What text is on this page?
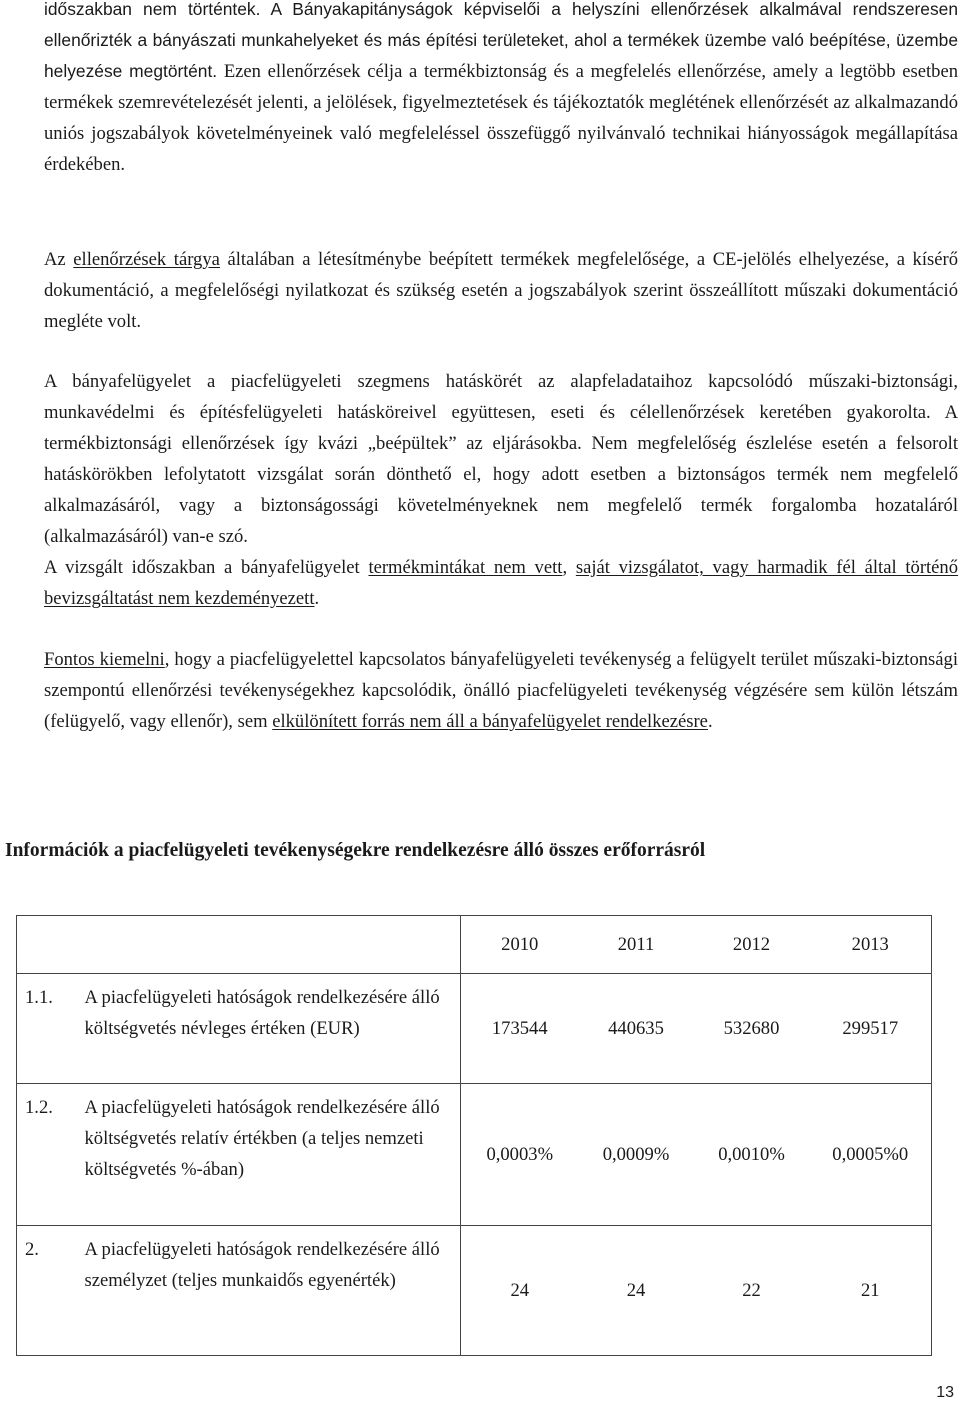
időszakban nem történtek. A Bányakapitányságok képviselői a helyszíni ellenőrzések alkalmával rendszeresen ellenőrizték a bányászati munkahelyeket és más építési területeket, ahol a termékek üzembe való beépítése, üzembe helyezése megtörtént. Ezen ellenőrzések célja a termékbiztonság és a megfelelés ellenőrzése, amely a legtöbb esetben termékek szemrevételezését jelenti, a jelölések, figyelmeztetések és tájékoztatók meglétének ellenőrzését az alkalmazandó uniós jogszabályok követelményeinek való megfeleléssel összefüggő nyilvánvaló technikai hiányosságok megállapítása érdekében.

Az ellenőrzések tárgya általában a létesítménybe beépített termékek megfelelősége, a CE-jelölés elhelyezése, a kísérő dokumentáció, a megfelelőségi nyilatkozat és szükség esetén a jogszabályok szerint összeállított műszaki dokumentáció megléte volt.

A bányafelügyelet a piacfelügyeleti szegmens hatáskörét az alapfeladataihoz kapcsolódó műszaki-biztonsági, munkavédelmi és építésfelügyeleti hatásköreivel együttesen, eseti és célellenőrzések keretében gyakorolta. A termékbiztonsági ellenőrzések így kvázi „beépültek” az eljárásokba. Nem megfelelőség észlelése esetén a felsorolt hatáskörökben lefolytatott vizsgálat során dönthető el, hogy adott esetben a biztonságos termék nem megfelelő alkalmazásáról, vagy a biztonságossági követelményeknek nem megfelelő termék forgalomba hozataláról (alkalmazásáról) van-e szó.
A vizsgált időszakban a bányafelügyelet termékmintákat nem vett, saját vizsgálatot, vagy harmadik fél által történő bevizsgáltatást nem kezdeményezett.

Fontos kiemelni, hogy a piacfelügyelettel kapcsolatos bányafelügyeleti tevékenység a felügyelt terület műszaki-biztonsági szempontú ellenőrzési tevékenységekhez kapcsolódik, önálló piacfelügyeleti tevékenység végzésére sem külön létszám (felügyelő, vagy ellenőr), sem elkülönített forrás nem áll a bányafelügyelet rendelkezésre.

Információk a piacfelügyeleti tevékenységekre rendelkezésre álló összes erőforrásról
		2010	2011	2012	2013
1.1.	A piacfelügyeleti hatóságok rendelkezésére álló költségvetés névleges értéken (EUR)	173544	440635	532680	299517
1.2.	A piacfelügyeleti hatóságok rendelkezésére álló költségvetés relatív értékben (a teljes nemzeti költségvetés %-ában)	0,0003%	0,0009%	0,0010%	0,0005%0
2.	A piacfelügyeleti hatóságok rendelkezésére álló személyzet (teljes munkaidős egyenérték)	24	24	22	21
13
